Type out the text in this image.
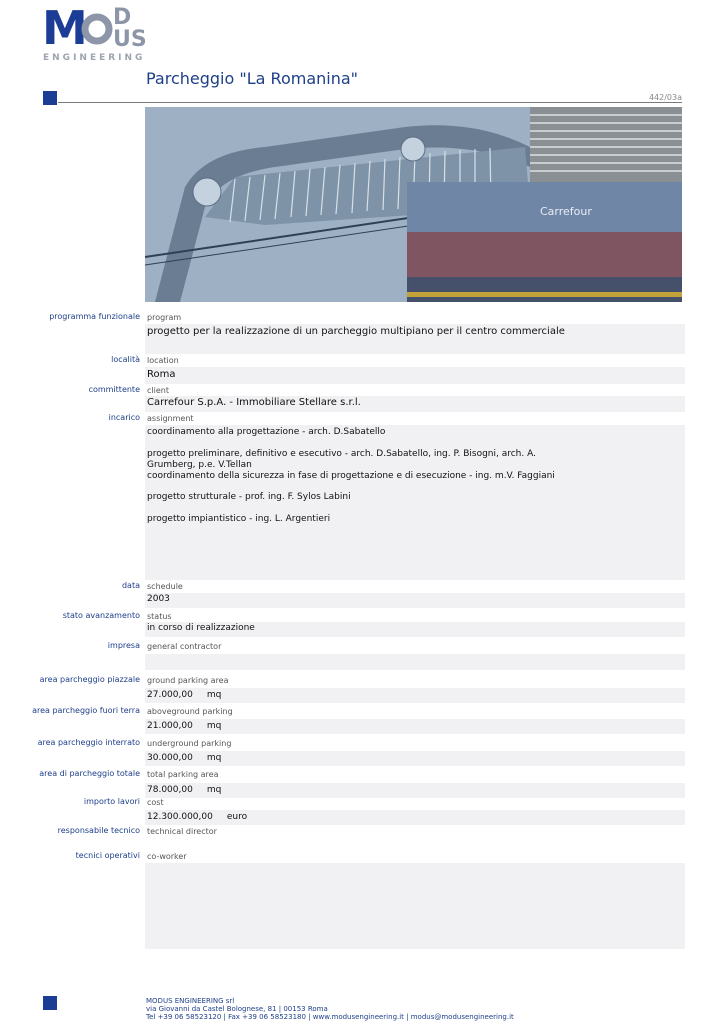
M D
US
ENGINEERING
Parcheggio "La Romanina"
442/03a
Carrefour
programma funzionale program
progetto per la realizzazione di un parcheggio multipiano per il centro commerciale
località location
Roma
committente client
Carrefour S.p.A. - Immobiliare Stellare s.r.l.
incarico assignment
coordinamento alla progettazione - arch. D.Sabatello
progetto preliminare, definitivo e esecutivo - arch. D.Sabatello, ing. P. Bisogni, arch. A.
Grumberg, p.e. V.Tellan
coordinamento della sicurezza in fase di progettazione e di esecuzione - ing. m.V. Faggiani
progetto strutturale - prof. ing. F. Sylos Labini
progetto impiantistico - ing. L. Argentieri
data schedule
2003
stato avanzamento status
in corso di realizzazione
impresa general contractor
area parcheggio piazzale ground parking area
27.000,00 mq
area parcheggio fuori terra aboveground parking
21.000,00 mq
area parcheggio interrato underground parking
30.000,00 mq
area di parcheggio totale total parking area
78.000,00 mq
importo lavori cost
12.300.000,00 euro
responsabile tecnico technical director
tecnici operativi co-worker
MODUS ENGINEERING srl
via Giovanni da Castel Bolognese, 81 | 00153 Roma
Tel +39 06 58523120 | Fax +39 06 58523180 | www.modusengineering.it | modus@modusengineering.it
